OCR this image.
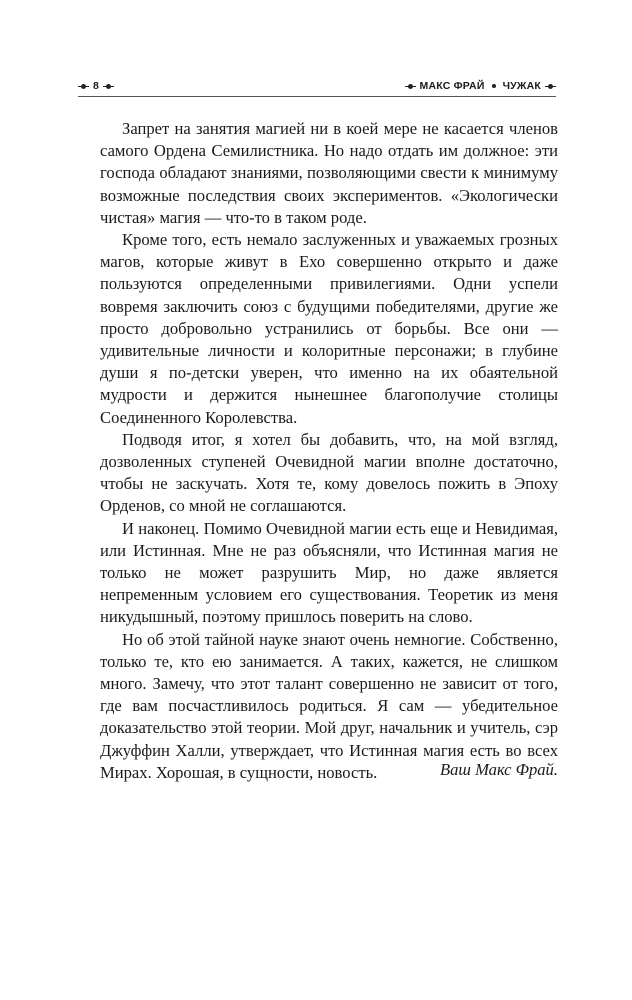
8	МАКС ФРАЙ ЧУЖАК

Запрет на занятия магией ни в коей мере не касается членов самого Ордена Семилистника. Но надо отдать им должное: эти господа обладают знаниями, позволяющими свести к минимуму возможные последствия своих экспериментов. «Экологически чистая» магия — что-то в таком роде.

Кроме того, есть немало заслуженных и уважаемых грозных магов, которые живут в Ехо совершенно открыто и даже пользуются определенными привилегиями. Одни успели вовремя заключить союз с будущими победителями, другие же просто добровольно устранились от борьбы. Все они — удивительные личности и колоритные персонажи; в глубине души я по-детски уверен, что именно на их обаятельной мудрости и держится нынешнее благополучие столицы Соединенного Королевства.

Подводя итог, я хотел бы добавить, что, на мой взгляд, дозволенных ступеней Очевидной магии вполне достаточно, чтобы не заскучать. Хотя те, кому довелось пожить в Эпоху Орденов, со мной не соглашаются.

И наконец. Помимо Очевидной магии есть еще и Невидимая, или Истинная. Мне не раз объясняли, что Истинная магия не только не может разрушить Мир, но даже является непременным условием его существования. Теоретик из меня никудышный, поэтому пришлось поверить на слово.

Но об этой тайной науке знают очень немногие. Собственно, только те, кто ею занимается. А таких, кажется, не слишком много. Замечу, что этот талант совершенно не зависит от того, где вам посчастливилось родиться. Я сам — убедительное доказательство этой теории. Мой друг, начальник и учитель, сэр Джуффин Халли, утверждает, что Истинная магия есть во всех Мирах. Хорошая, в сущности, новость.	Ваш Макс Фрай.
